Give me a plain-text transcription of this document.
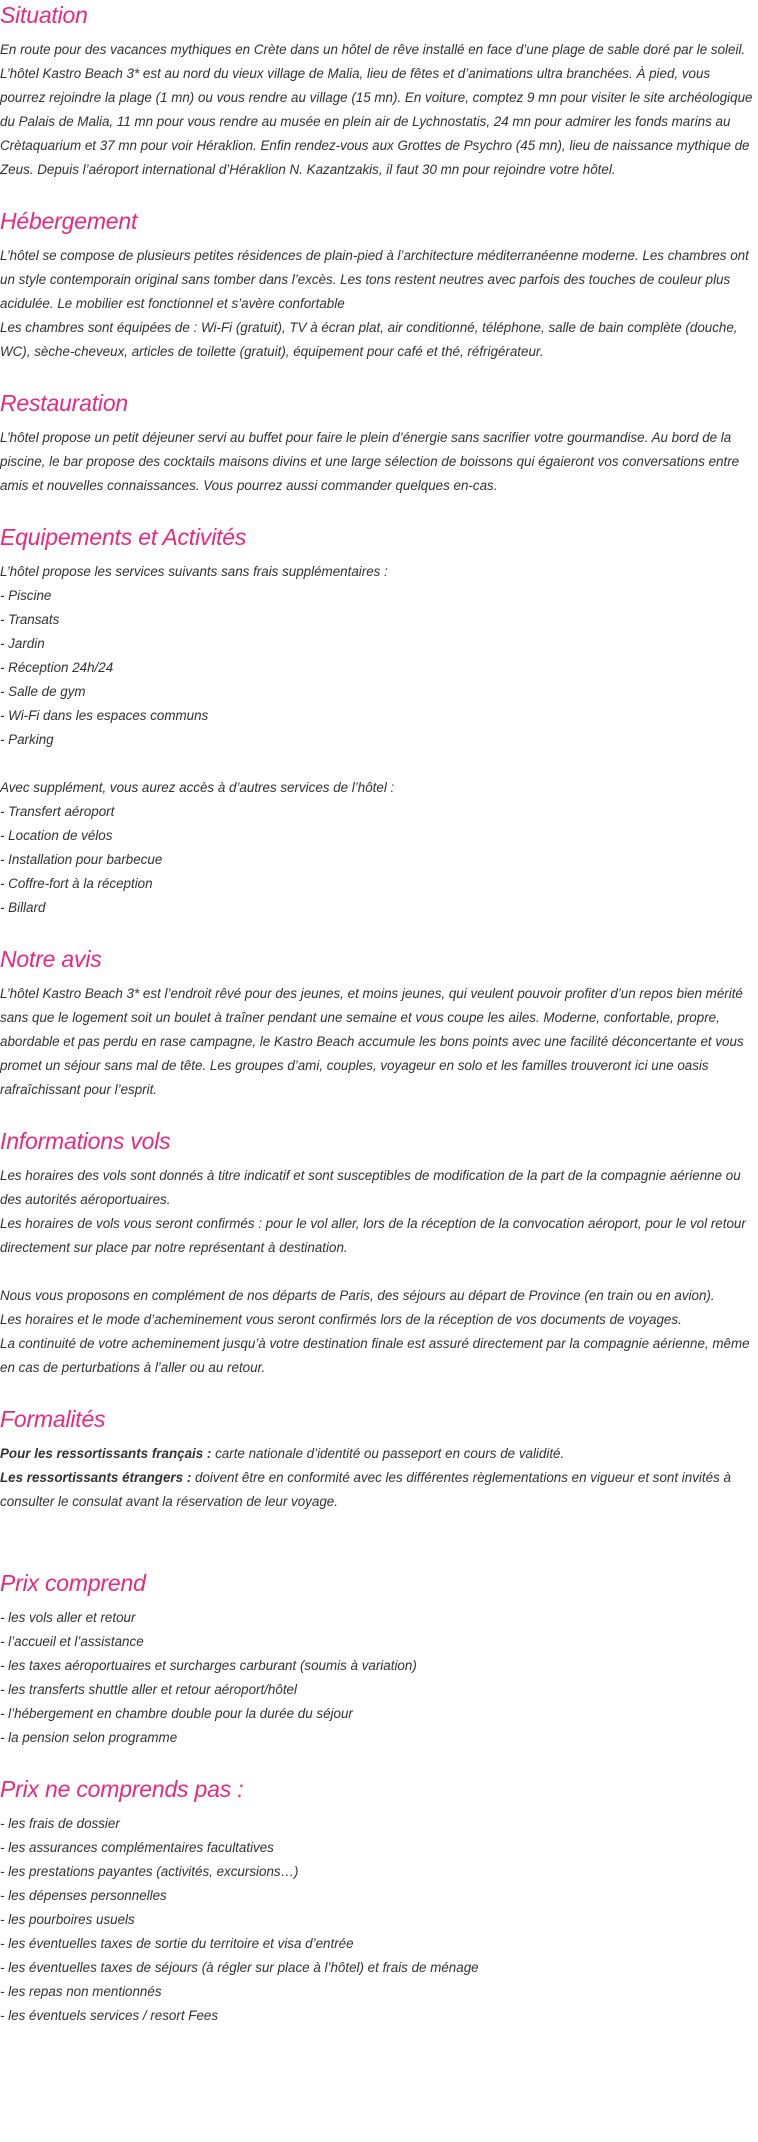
Situation

En route pour des vacances mythiques en Crète dans un hôtel de rêve installé en face d’une plage de sable doré par le soleil.

L’hôtel Kastro Beach 3* est au nord du vieux village de Malia, lieu de fêtes et d’animations ultra branchées. À pied, vous pourrez rejoindre la plage (1 mn) ou vous rendre au village (15 mn). En voiture, comptez 9 mn pour visiter le site archéologique du Palais de Malia, 11 mn pour vous rendre au musée en plein air de Lychnostatis, 24 mn pour admirer les fonds marins au Crètaquarium et 37 mn pour voir Héraklion. Enfin rendez-vous aux Grottes de Psychro (45 mn), lieu de naissance mythique de Zeus. Depuis l’aéroport international d’Héraklion N. Kazantzakis, il faut 30 mn pour rejoindre votre hôtel.

Hébergement

L’hôtel se compose de plusieurs petites résidences de plain-pied à l’architecture méditerranéenne moderne. Les chambres ont un style contemporain original sans tomber dans l’excès. Les tons restent neutres avec parfois des touches de couleur plus acidulée. Le mobilier est fonctionnel et s’avère confortable

Les chambres sont équipées de : Wi-Fi (gratuit), TV à écran plat, air conditionné, téléphone, salle de bain complète (douche, WC), sèche-cheveux, articles de toilette (gratuit), équipement pour café et thé, réfrigérateur.

Restauration

L’hôtel propose un petit déjeuner servi au buffet pour faire le plein d’énergie sans sacrifier votre gourmandise. Au bord de la piscine, le bar propose des cocktails maisons divins et une large sélection de boissons qui égaieront vos conversations entre amis et nouvelles connaissances. Vous pourrez aussi commander quelques en-cas.

Equipements et Activités

L’hôtel propose les services suivants sans frais supplémentaires :

- Piscine

- Transats

- Jardin

- Réception 24h/24

- Salle de gym

- Wi-Fi dans les espaces communs

- Parking

Avec supplément, vous aurez accès à d’autres services de l’hôtel :

- Transfert aéroport

- Location de vélos

- Installation pour barbecue

- Coffre-fort à la réception

- Billard

Notre avis

L’hôtel Kastro Beach 3* est l’endroit rêvé pour des jeunes, et moins jeunes, qui veulent pouvoir profiter d’un repos bien mérité sans que le logement soit un boulet à traîner pendant une semaine et vous coupe les ailes. Moderne, confortable, propre, abordable et pas perdu en rase campagne, le Kastro Beach accumule les bons points avec une facilité déconcertante et vous promet un séjour sans mal de tête. Les groupes d’ami, couples, voyageur en solo et les familles trouveront ici une oasis rafraîchissant pour l’esprit.

Informations vols

Les horaires des vols sont donnés à titre indicatif et sont susceptibles de modification de la part de la compagnie aérienne ou des autorités aéroportuaires.

Les horaires de vols vous seront confirmés : pour le vol aller, lors de la réception de la convocation aéroport, pour le vol retour directement sur place par notre représentant à destination.

Nous vous proposons en complément de nos départs de Paris, des séjours au départ de Province (en train ou en avion).

Les horaires et le mode d’acheminement vous seront confirmés lors de la réception de vos documents de voyages.

La continuité de votre acheminement jusqu’à votre destination finale est assuré directement par la compagnie aérienne, même en cas de perturbations à l’aller ou au retour.

Formalités

Pour les ressortissants français : carte nationale d’identité ou passeport en cours de validité.

Les ressortissants étrangers : doivent être en conformité avec les différentes règlementations en vigueur et sont invités à consulter le consulat avant la réservation de leur voyage.

Prix comprend

- les vols aller et retour

- l’accueil et l’assistance

- les taxes aéroportuaires et surcharges carburant (soumis à variation)

- les transferts shuttle aller et retour aéroport/hôtel

- l’hébergement en chambre double pour la durée du séjour

- la pension selon programme

Prix ne comprends pas :

- les frais de dossier

- les assurances complémentaires facultatives

- les prestations payantes (activités, excursions…)

- les dépenses personnelles

- les pourboires usuels

- les éventuelles taxes de sortie du territoire et visa d’entrée

- les éventuelles taxes de séjours (à régler sur place à l’hôtel) et frais de ménage

- les repas non mentionnés

- les éventuels services / resort Fees
